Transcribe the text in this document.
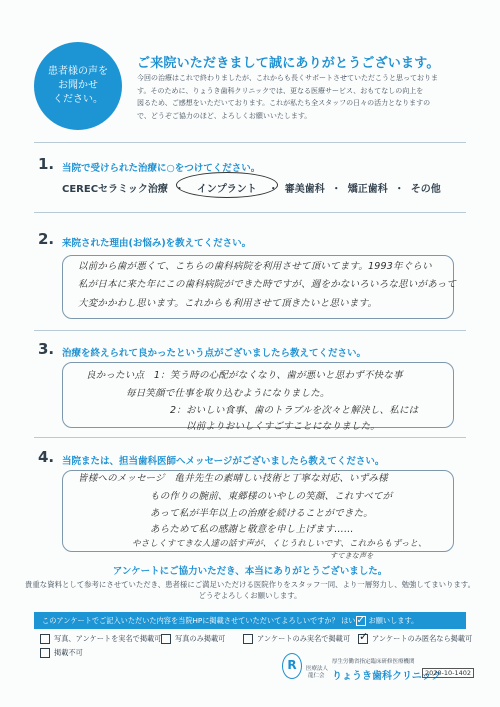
患者様の声を
お聞かせ
ください。
ご来院いただきまして誠にありがとうございます。
今回の治療はこれで終わりましたが、これからも長くサポートさせていただこうと思っておりま
す。そのために、りょうき歯科クリニックでは、更なる医療サービス、おもてなしの向上を
図るため、ご感想をいただいております。これが私たち全スタッフの日々の活力となりますの
で、どうぞご協力のほど、よろしくお願いいたします。
1. 当院で受けられた治療に○をつけてください。
CERECセラミック治療 ・ インプラント ・ 審美歯科 ・ 矯正歯科 ・ その他
2. 来院された理由(お悩み)を教えてください。
以前から歯が悪くて、こちらの歯科病院を利用させて頂いてます。1993年ぐらい
私が日本に来た年にこの歯科病院ができた時ですが、週をかないろいろな思いがあって
大変かかわし思います。これからも利用させて頂きたいと思います。
3. 治療を終えられて良かったという点がございましたら教えてください。
良かったい点　1：笑う時の心配がなくなり、歯が悪いと思わず不快な事
毎日笑顔で仕事を取り込むようになりました。
2：おいしい食事、歯のトラブルを次々と解決し、私には
以前よりおいしくすごすことになりました。
4. 当院または、担当歯科医師へメッセージがございましたら教えてください。
皆様へのメッセージ　亀井先生の素晴しい技術と丁寧な対応、いずみ様
もの作りの腕前、東郷様のいやしの笑顔、これすべてが
あって私が半年以上の治療を続けることができた。
あらためて私の感謝と敬意を申し上げます……
やさしくすてきな人達の話す声が、くじうれしいです、これからもずっと、
すてきな声を
アンケートにご協力いただき、本当にありがとうございました。
貴重な資料として参考にさせていただき、患者様にご満足いただける医院作りをスタッフ一同、より一層努力し、勉強してまいります。
どうぞよろしくお願いします。
このアンケートでご記入いただいた内容を当院HPに掲載させていただいてよろしいですか？ はい ✓ お願いします。
写真、アンケートを実名で掲載可 写真のみ掲載可	アンケートのみ実名で掲載可 ✓	アンケートのみ匿名なら掲載可
掲載不可
R	厚生労働省指定臨床研修医療機関
医療法人
龍仁会 りょうき歯科クリニック
2020-10-1402
